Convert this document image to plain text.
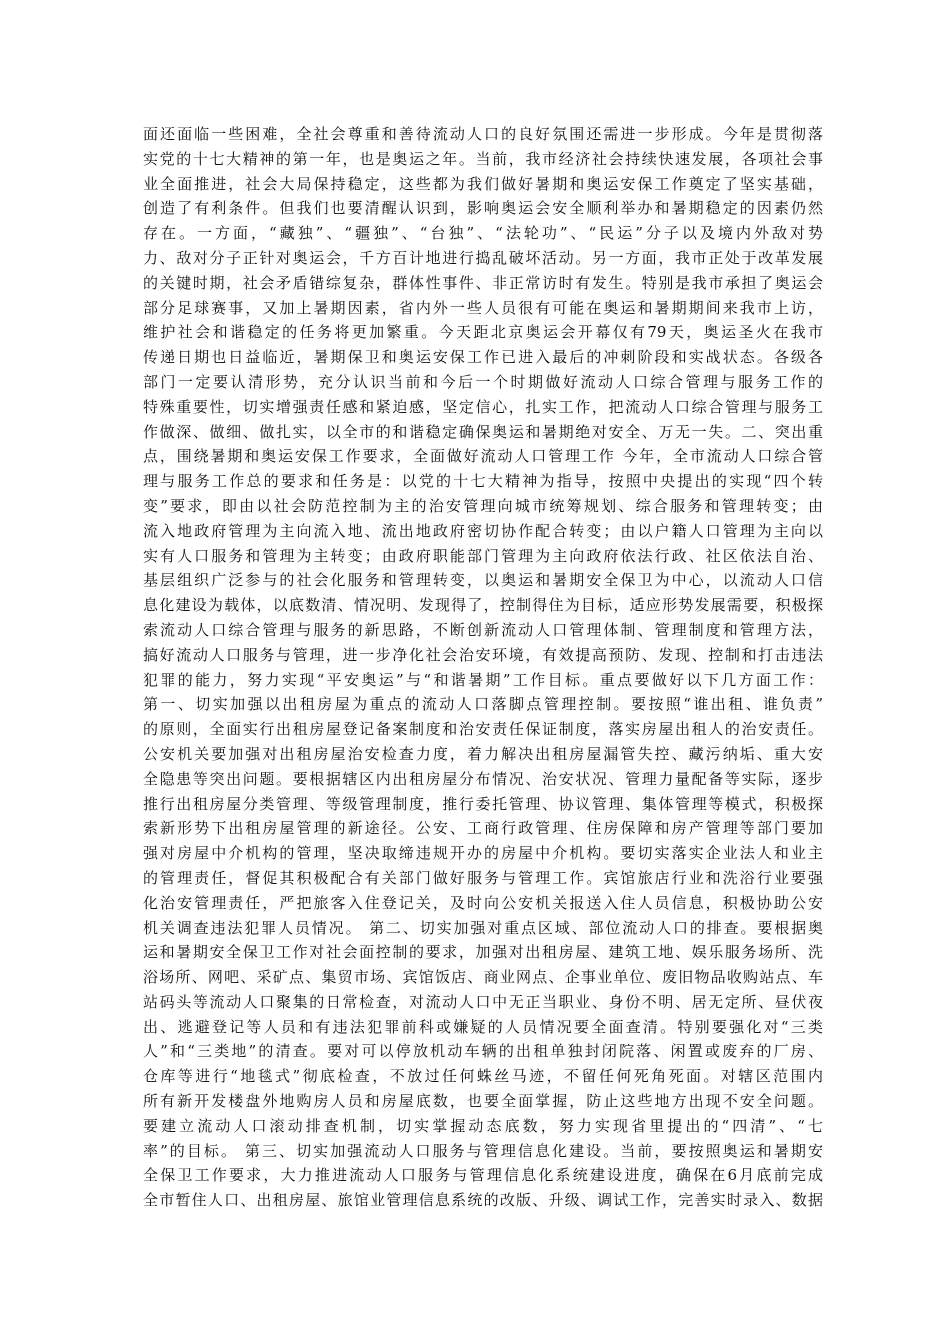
面还面临一些困难，全社会尊重和善待流动人口的良好氛围还需进一步形成。今年是贯彻落
实党的十七大精神的第一年，也是奥运之年。当前，我市经济社会持续快速发展，各项社会事
业全面推进，社会大局保持稳定，这些都为我们做好暑期和奥运安保工作奠定了坚实基础，
创造了有利条件。但我们也要清醒认识到，影响奥运会安全顺利举办和暑期稳定的因素仍然
存在。一方面，“藏独”、“疆独”、“台独”、“法轮功”、“民运”分子以及境内外敌对势
力、敌对分子正针对奥运会，千方百计地进行捣乱破坏活动。另一方面，我市正处于改革发展
的关键时期，社会矛盾错综复杂，群体性事件、非正常访时有发生。特别是我市承担了奥运会
部分足球赛事，又加上暑期因素，省内外一些人员很有可能在奥运和暑期期间来我市上访，
维护社会和谐稳定的任务将更加繁重。今天距北京奥运会开幕仅有79天，奥运圣火在我市
传递日期也日益临近，暑期保卫和奥运安保工作已进入最后的冲刺阶段和实战状态。各级各
部门一定要认清形势，充分认识当前和今后一个时期做好流动人口综合管理与服务工作的
特殊重要性，切实增强责任感和紧迫感，坚定信心，扎实工作，把流动人口综合管理与服务工
作做深、做细、做扎实，以全市的和谐稳定确保奥运和暑期绝对安全、万无一失。二、突出重
点，围绕暑期和奥运安保工作要求，全面做好流动人口管理工作 今年，全市流动人口综合管
理与服务工作总的要求和任务是：以党的十七大精神为指导，按照中央提出的实现“四个转
变”要求，即由以社会防范控制为主的治安管理向城市统筹规划、综合服务和管理转变；由
流入地政府管理为主向流入地、流出地政府密切协作配合转变；由以户籍人口管理为主向以
实有人口服务和管理为主转变；由政府职能部门管理为主向政府依法行政、社区依法自治、
基层组织广泛参与的社会化服务和管理转变，以奥运和暑期安全保卫为中心，以流动人口信
息化建设为载体，以底数清、情况明、发现得了，控制得住为目标，适应形势发展需要，积极探
索流动人口综合管理与服务的新思路，不断创新流动人口管理体制、管理制度和管理方法，
搞好流动人口服务与管理，进一步净化社会治安环境，有效提高预防、发现、控制和打击违法
犯罪的能力，努力实现“平安奥运”与“和谐暑期”工作目标。重点要做好以下几方面工作：
第一、切实加强以出租房屋为重点的流动人口落脚点管理控制。要按照“谁出租、谁负责”
的原则，全面实行出租房屋登记备案制度和治安责任保证制度，落实房屋出租人的治安责任。
公安机关要加强对出租房屋治安检查力度，着力解决出租房屋漏管失控、藏污纳垢、重大安
全隐患等突出问题。要根据辖区内出租房屋分布情况、治安状况、管理力量配备等实际，逐步
推行出租房屋分类管理、等级管理制度，推行委托管理、协议管理、集体管理等模式，积极探
索新形势下出租房屋管理的新途径。公安、工商行政管理、住房保障和房产管理等部门要加
强对房屋中介机构的管理，坚决取缔违规开办的房屋中介机构。要切实落实企业法人和业主
的管理责任，督促其积极配合有关部门做好服务与管理工作。宾馆旅店行业和洗浴行业要强
化治安管理责任，严把旅客入住登记关，及时向公安机关报送入住人员信息，积极协助公安
机关调查违法犯罪人员情况。 第二、切实加强对重点区域、部位流动人口的排查。要根据奥
运和暑期安全保卫工作对社会面控制的要求，加强对出租房屋、建筑工地、娱乐服务场所、洗
浴场所、网吧、采矿点、集贸市场、宾馆饭店、商业网点、企事业单位、废旧物品收购站点、车
站码头等流动人口聚集的日常检查，对流动人口中无正当职业、身份不明、居无定所、昼伏夜
出、逃避登记等人员和有违法犯罪前科或嫌疑的人员情况要全面查清。特别要强化对“三类
人”和“三类地”的清查。要对可以停放机动车辆的出租单独封闭院落、闲置或废弃的厂房、
仓库等进行“地毯式”彻底检查，不放过任何蛛丝马迹，不留任何死角死面。对辖区范围内
所有新开发楼盘外地购房人员和房屋底数，也要全面掌握，防止这些地方出现不安全问题。
要建立流动人口滚动排查机制，切实掌握动态底数，努力实现省里提出的“四清”、“七
率”的目标。 第三、切实加强流动人口服务与管理信息化建设。当前，要按照奥运和暑期安
全保卫工作要求，大力推进流动人口服务与管理信息化系统建设进度，确保在6月底前完成
全市暂住人口、出租房屋、旅馆业管理信息系统的改版、升级、调试工作，完善实时录入、数据
